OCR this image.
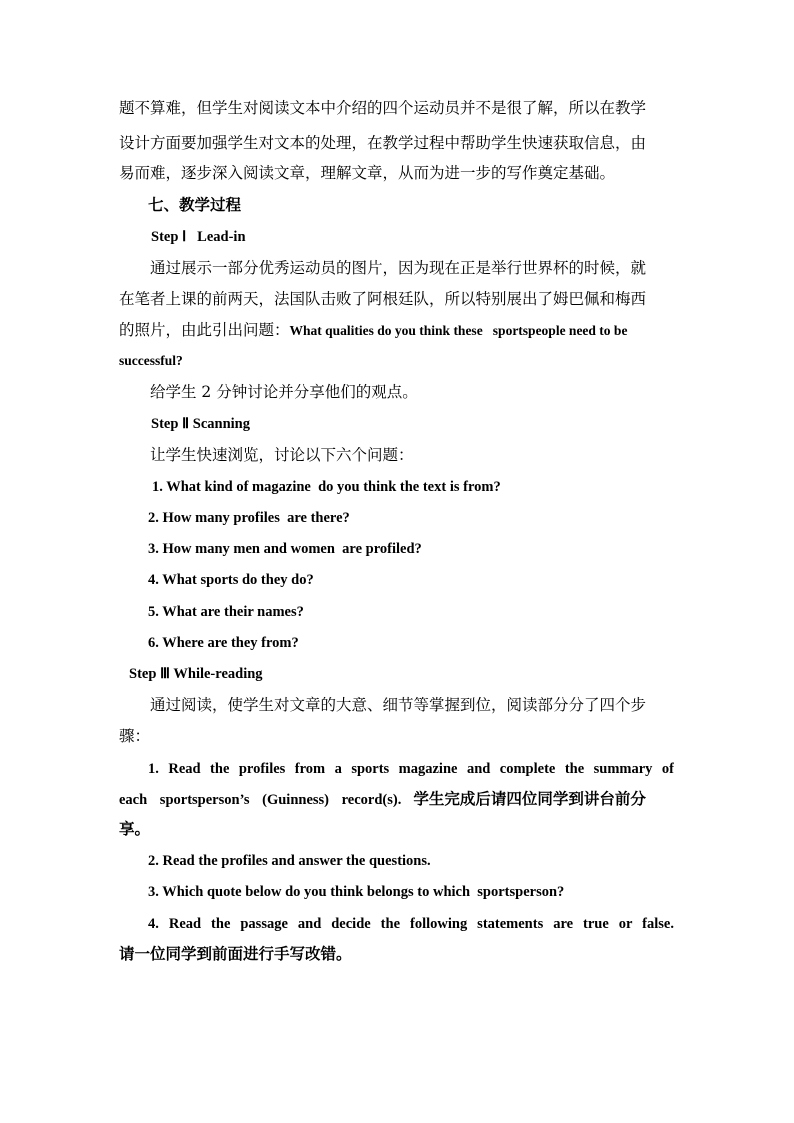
题不算难，但学生对阅读文本中介绍的四个运动员并不是很了解，所以在教学
设计方面要加强学生对文本的处理，在教学过程中帮助学生快速获取信息，由
易而难，逐步深入阅读文章，理解文章，从而为进一步的写作奠定基础。
七、教学过程
Step Ⅰ   Lead-in
通过展示一部分优秀运动员的图片，因为现在正是举行世界杯的时候，就
在笔者上课的前两天，法国队击败了阿根廷队，所以特别展出了姆巴佩和梅西
的照片，由此引出问题：What qualities do you think these   sportspeople need to be
successful?
给学生 2 分钟讨论并分享他们的观点。
Step Ⅱ Scanning
让学生快速浏览，讨论以下六个问题：
1. What kind of magazine  do you think the text is from?
2. How many profiles  are there?
3. How many men and women  are profiled?
4. What sports do they do?
5. What are their names?
6. Where are they from?
Step Ⅲ While-reading
通过阅读，使学生对文章的大意、细节等掌握到位，阅读部分分了四个步
骤：
1. Read the profiles from a sports magazine and complete the summary of
each sportsperson’s (Guinness) record(s). 学生完成后请四位同学到讲台前分
享。
2. Read the profiles and answer the questions.
3. Which quote below do you think belongs to which  sportsperson?
4. Read the passage and decide the following statements are true or false.
请一位同学到前面进行手写改错。
